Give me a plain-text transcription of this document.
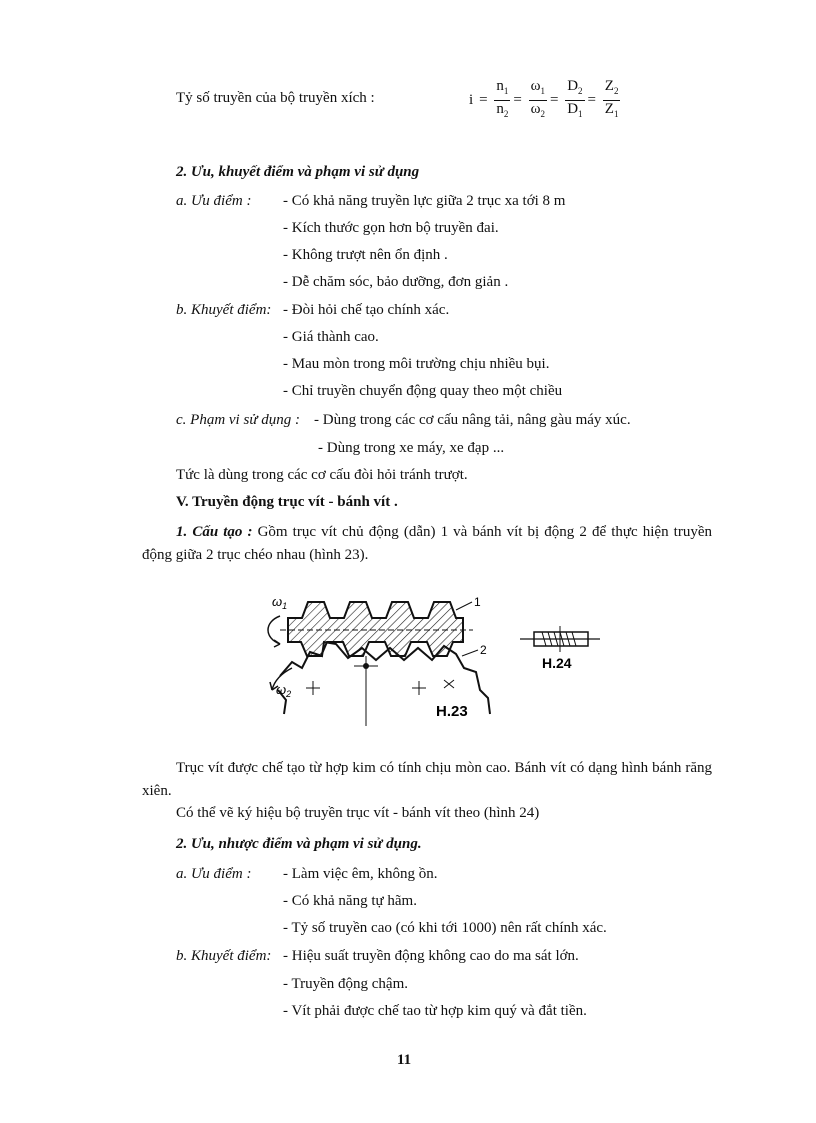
Tỷ số truyền của bộ truyền xích :	$i = \frac{n_1}{n_2} = \frac{\omega_1}{\omega_2} = \frac{D_2}{D_1} = \frac{Z_2}{Z_1}$
2. Ưu, khuyết điểm và phạm vi sử dụng
a. Ưu điểm : - Có khả năng truyền lực giữa 2 trục xa tới 8 m
- Kích thước gọn hơn bộ truyền đai.
- Không trượt nên ổn định .
- Dễ chăm sóc, bảo dưỡng, đơn giản .
b. Khuyết điểm: - Đòi hỏi chế tạo chính xác.
- Giá thành cao.
- Mau mòn trong môi trường chịu nhiều bụi.
- Chỉ truyền chuyển động quay theo một chiều
c. Phạm vi sử dụng : - Dùng trong các cơ cấu nâng tải, nâng gàu máy xúc.
- Dùng trong xe máy, xe đạp ...
Tức là dùng trong các cơ cấu đòi hỏi tránh trượt.
V. Truyền động trục vít - bánh vít .
1. Cấu tạo : Gồm trục vít chủ động (dẫn) 1 và bánh vít bị động 2 để thực hiện truyền động giữa 2 trục chéo nhau (hình 23).
$\omega_1$
$\omega_2$
1
2
H.23
H.24
Trục vít được chế tạo từ hợp kim có tính chịu mòn cao. Bánh vít có dạng hình bánh răng xiên.
Có thể vẽ ký hiệu bộ truyền trục vít - bánh vít theo (hình 24)
2. Ưu, nhược điểm và phạm vi sử dụng.
a. Ưu điểm : - Làm việc êm, không ồn.
- Có khả năng tự hãm.
- Tỷ số truyền cao (có khi tới 1000) nên rất chính xác.
b. Khuyết điểm: - Hiệu suất truyền động không cao do ma sát lớn.
- Truyền động chậm.
- Vít phải được chế tao từ hợp kim quý và đắt tiền.
11
